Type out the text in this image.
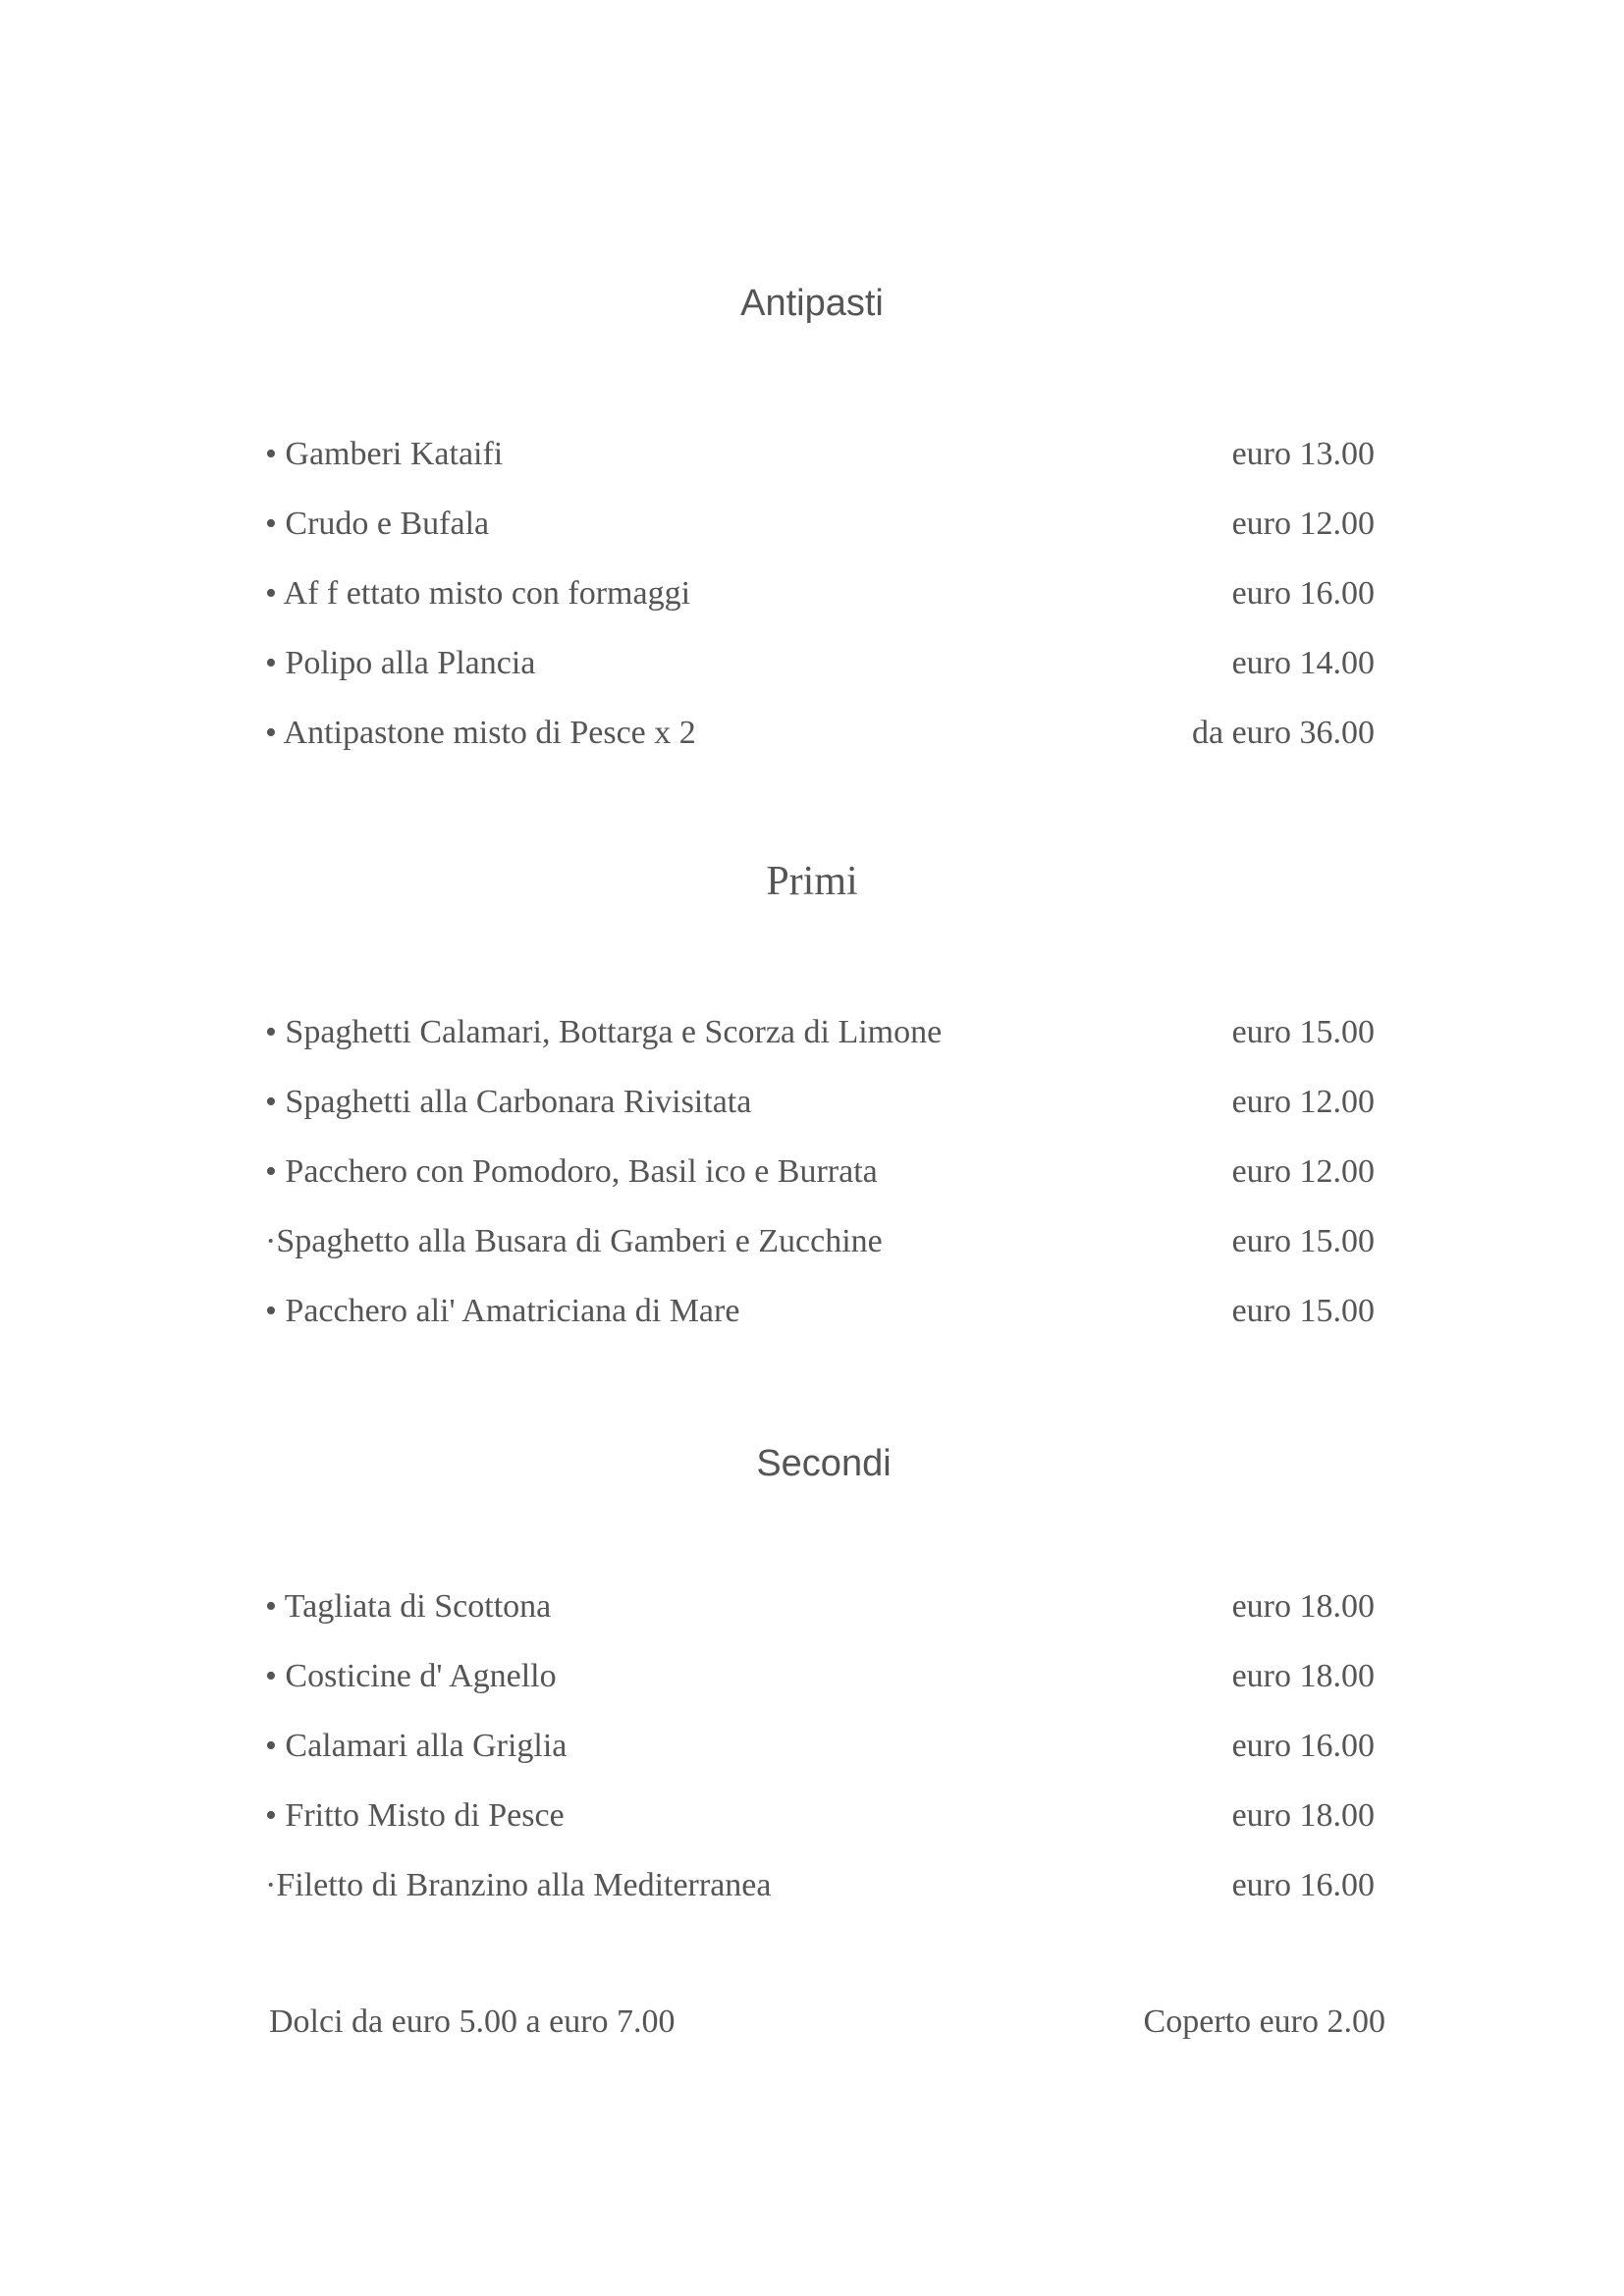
Antipasti
• Gamberi Kataifi	euro 13.00
• Crudo e Bufala	euro 12.00
• Af f ettato misto con formaggi	euro 16.00
• Polipo alla Plancia	euro 14.00
• Antipastone misto di Pesce x 2	da euro 36.00
Primi
• Spaghetti Calamari, Bottarga e Scorza di Limone	euro 15.00
• Spaghetti alla Carbonara Rivisitata	euro 12.00
• Pacchero con Pomodoro, Basil ico e Burrata	euro 12.00
·Spaghetto alla Busara di Gamberi e Zucchine	euro 15.00
• Pacchero ali' Amatriciana di Mare	euro 15.00
Secondi
• Tagliata di Scottona	euro 18.00
• Costicine d' Agnello	euro 18.00
• Calamari alla Griglia	euro 16.00
• Fritto Misto di Pesce	euro 18.00
·Filetto di Branzino alla Mediterranea	euro 16.00
Dolci da euro 5.00 a euro 7.00	Coperto euro 2.00
